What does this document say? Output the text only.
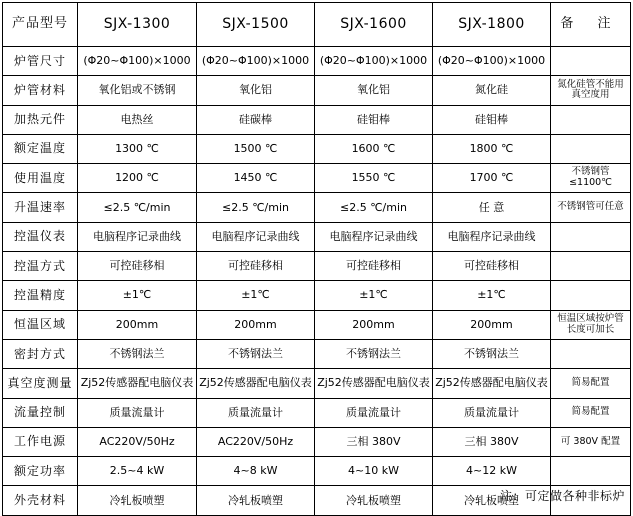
产品型号	SJX-1300	SJX-1500	SJX-1600	SJX-1800	备 注
炉管尺寸	(Φ20~Φ100)×1000	(Φ20~Φ100)×1000	(Φ20~Φ100)×1000	(Φ20~Φ100)×1000	
炉管材料	氧化铝或不锈钢	氧化铝	氧化铝	氮化硅	氮化硅管不能用真空度用
加热元件	电热丝	硅碳棒	硅钼棒	硅钼棒	
额定温度	1300 ℃	1500 ℃	1600 ℃	1800 ℃	
使用温度	1200 ℃	1450 ℃	1550 ℃	1700 ℃	不锈钢管≤1100℃
升温速率	≤2.5 ℃/min	≤2.5 ℃/min	≤2.5 ℃/min	任 意	不锈钢管可任意
控温仪表	电脑程序记录曲线	电脑程序记录曲线	电脑程序记录曲线	电脑程序记录曲线	
控温方式	可控硅移相	可控硅移相	可控硅移相	可控硅移相	
控温精度	±1℃	±1℃	±1℃	±1℃	
恒温区域	200mm	200mm	200mm	200mm	恒温区域按炉管长度可加长
密封方式	不锈钢法兰	不锈钢法兰	不锈钢法兰	不锈钢法兰	
真空度测量	Zj52传感器配电脑仪表	Zj52传感器配电脑仪表	Zj52传感器配电脑仪表	Zj52传感器配电脑仪表	简易配置
流量控制	质量流量计	质量流量计	质量流量计	质量流量计	简易配置
工作电源	AC220V/50Hz	AC220V/50Hz	三相 380V	三相 380V	可 380V 配置
额定功率	2.5~4 kW	4~8 kW	4~10 kW	4~12 kW	
外壳材料	冷轧板喷塑	冷轧板喷塑	冷轧板喷塑	冷轧板喷塑	
注：可定做各种非标炉
